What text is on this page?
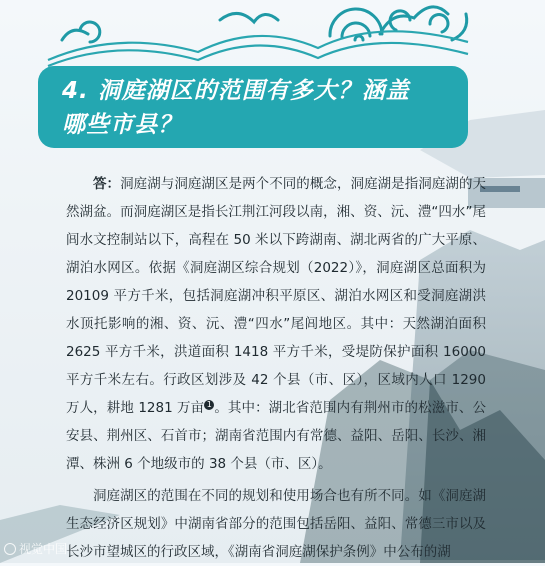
4. 洞庭湖区的范围有多大？涵盖
哪些市县？

答：洞庭湖与洞庭湖区是两个不同的概念，洞庭湖是指洞庭湖的天然湖盆。而洞庭湖区是指长江荆江河段以南，湘、资、沅、澧“四水”尾闾水文控制站以下，高程在 50 米以下跨湖南、湖北两省的广大平原、湖泊水网区。依据《洞庭湖区综合规划（2022）》，洞庭湖区总面积为 20109 平方千米，包括洞庭湖冲积平原区、湖泊水网区和受洞庭湖洪水顶托影响的湘、资、沅、澧“四水”尾闾地区。其中：天然湖泊面积 2625 平方千米，洪道面积 1418 平方千米，受堤防保护面积 16000 平方千米左右。行政区划涉及 42 个县（市、区），区域内人口 1290 万人，耕地 1281 万亩 1 。其中：湖北省范围内有荆州市的松滋市、公安县、荆州区、石首市；湖南省范围内有常德、益阳、岳阳、长沙、湘潭、株洲 6 个地级市的 38 个县（市、区）。

洞庭湖区的范围在不同的规划和使用场合也有所不同。如《洞庭湖生态经济区规划》中湖南省部分的范围包括岳阳、益阳、常德三市以及长沙市望城区的行政区域，《湖南省洞庭湖保护条例》中公布的湖

视觉中国
